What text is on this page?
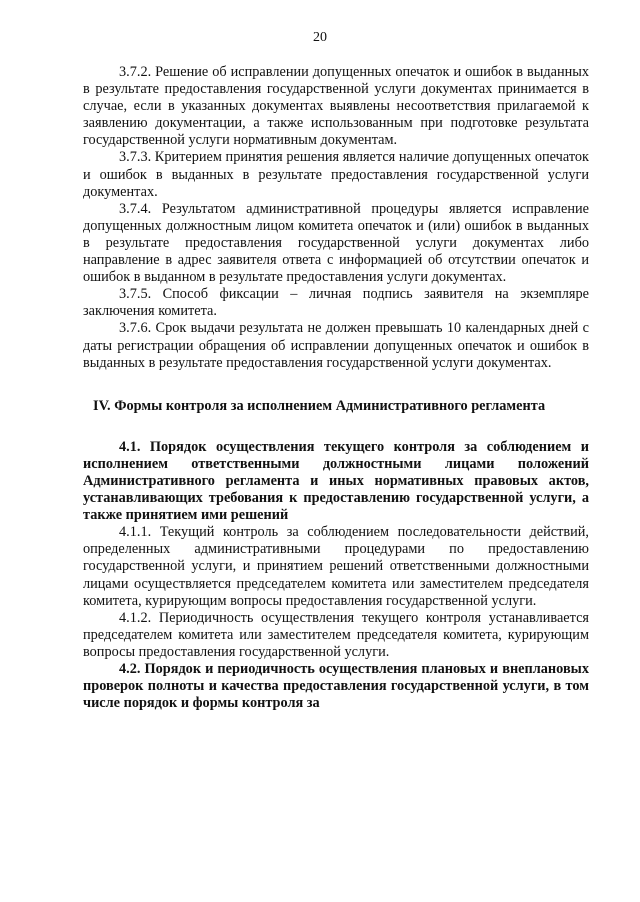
20

3.7.2. Решение об исправлении допущенных опечаток и ошибок в выданных в результате предоставления государственной услуги документах принимается в случае, если в указанных документах выявлены несоответствия прилагаемой к заявлению документации, а также использованным при подготовке результата государственной услуги нормативным документам.

3.7.3. Критерием принятия решения является наличие допущенных опечаток и ошибок в выданных в результате предоставления государственной услуги документах.

3.7.4. Результатом административной процедуры является исправление допущенных должностным лицом комитета опечаток и (или) ошибок в выданных в результате предоставления государственной услуги документах либо направление в адрес заявителя ответа с информацией об отсутствии опечаток и ошибок в выданном в результате предоставления услуги документах.

3.7.5. Способ фиксации – личная подпись заявителя на экземпляре заключения комитета.

3.7.6. Срок выдачи результата не должен превышать 10 календарных дней с даты регистрации обращения об исправлении допущенных опечаток и ошибок в выданных в результате предоставления государственной услуги документах.

IV. Формы контроля за исполнением Административного регламента

4.1. Порядок осуществления текущего контроля за соблюдением и исполнением ответственными должностными лицами положений Административного регламента и иных нормативных правовых актов, устанавливающих требования к предоставлению государственной услуги, а также принятием ими решений

4.1.1. Текущий контроль за соблюдением последовательности действий, определенных административными процедурами по предоставлению государственной услуги, и принятием решений ответственными должностными лицами осуществляется председателем комитета или заместителем председателя комитета, курирующим вопросы предоставления государственной услуги.

4.1.2. Периодичность осуществления текущего контроля устанавливается председателем комитета или заместителем председателя комитета, курирующим вопросы предоставления государственной услуги.

4.2. Порядок и периодичность осуществления плановых и внеплановых проверок полноты и качества предоставления государственной услуги, в том числе порядок и формы контроля за
